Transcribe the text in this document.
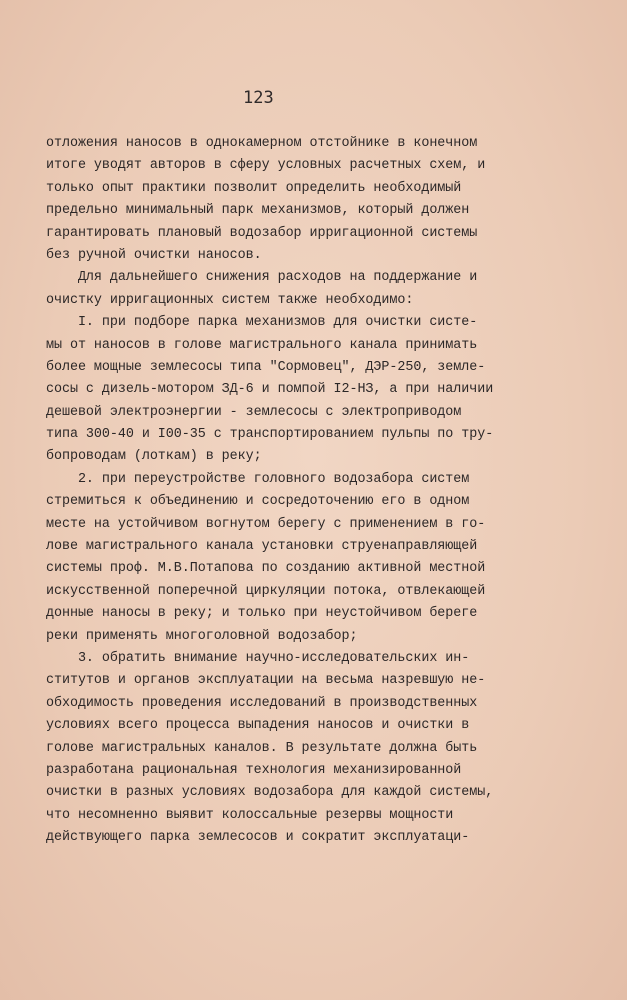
123
отложения наносов в однокамерном отстойнике в конечном
итоге уводят авторов в сферу условных расчетных схем, и
только опыт практики позволит определить необходимый
предельно минимальный парк механизмов, который должен
гарантировать плановый водозабор ирригационной системы
без ручной очистки наносов.
Для дальнейшего снижения расходов на поддержание и
очистку ирригационных систем также необходимо:
I. при подборе парка механизмов для очистки систе-
мы от наносов в голове магистрального канала принимать
более мощные землесосы типа "Сормовец", ДЭР-250, земле-
сосы с дизель-мотором ЗД-6 и помпой I2-НЗ, а при наличии
дешевой электроэнергии - землесосы с электроприводом
типа 300-40 и I00-35 с транспортированием пульпы по тру-
бопроводам (лоткам) в реку;
2. при переустройстве головного водозабора систем
стремиться к объединению и сосредоточению его в одном
месте на устойчивом вогнутом берегу с применением в го-
лове магистрального канала установки струенаправляющей
системы проф. М.В.Потапова по созданию активной местной
искусственной поперечной циркуляции потока, отвлекающей
донные наносы в реку; и только при неустойчивом береге
реки применять многоголовной водозабор;
3. обратить внимание научно-исследовательских ин-
ститутов и органов эксплуатации на весьма назревшую не-
обходимость проведения исследований в производственных
условиях всего процесса выпадения наносов и очистки в
голове магистральных каналов. В результате должна быть
разработана рациональная технология механизированной
очистки в разных условиях водозабора для каждой системы,
что несомненно выявит колоссальные резервы мощности
действующего парка землесосов и сократит эксплуатаци-
